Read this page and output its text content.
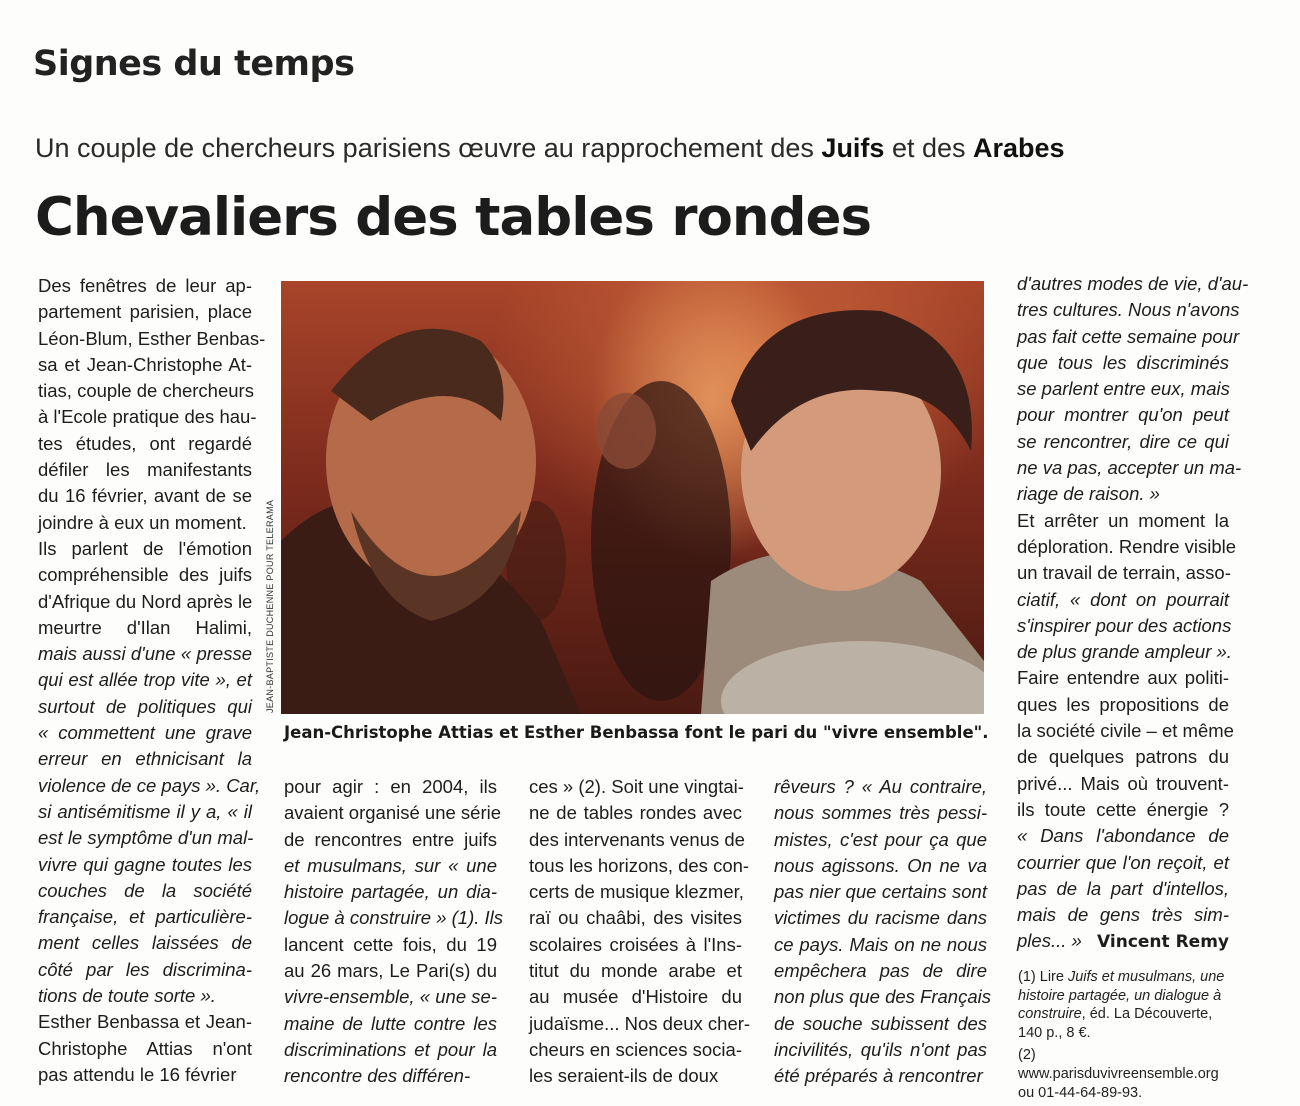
Signes du temps
Un couple de chercheurs parisiens œuvre au rapprochement des Juifs et des Arabes
Chevaliers des tables rondes
Des fenêtres de leur ap-
partement parisien, place
Léon-Blum, Esther Benbas-
sa et Jean-Christophe At-
tias, couple de chercheurs
à l'Ecole pratique des hau-
tes études, ont regardé
défiler les manifestants
du 16 février, avant de se
joindre à eux un moment.
Ils parlent de l'émotion
compréhensible des juifs
d'Afrique du Nord après le
meurtre d'Ilan Halimi,
mais aussi d'une « presse
qui est allée trop vite », et
surtout de politiques qui
« commettent une grave
erreur en ethnicisant la
violence de ce pays ». Car,
si antisémitisme il y a, « il
est le symptôme d'un mal-
vivre qui gagne toutes les
couches de la société
française, et particulière-
ment celles laissées de
côté par les discrimina-
tions de toute sorte ».
Esther Benbassa et Jean-
Christophe Attias n'ont
pas attendu le 16 février
JEAN-BAPTISTE DUCHENNE POUR TELERAMA
Jean-Christophe Attias et Esther Benbassa font le pari du "vivre ensemble".
pour agir : en 2004, ils
avaient organisé une série
de rencontres entre juifs
et musulmans, sur « une
histoire partagée, un dia-
logue à construire » (1). Ils
lancent cette fois, du 19
au 26 mars, Le Pari(s) du
vivre-ensemble, « une se-
maine de lutte contre les
discriminations et pour la
rencontre des différen-
ces » (2). Soit une vingtai-
ne de tables rondes avec
des intervenants venus de
tous les horizons, des con-
certs de musique klezmer,
raï ou chaâbi, des visites
scolaires croisées à l'Ins-
titut du monde arabe et
au musée d'Histoire du
judaïsme... Nos deux cher-
cheurs en sciences socia-
les seraient-ils de doux
rêveurs ? « Au contraire,
nous sommes très pessi-
mistes, c'est pour ça que
nous agissons. On ne va
pas nier que certains sont
victimes du racisme dans
ce pays. Mais on ne nous
empêchera pas de dire
non plus que des Français
de souche subissent des
incivilités, qu'ils n'ont pas
été préparés à rencontrer
d'autres modes de vie, d'au-
tres cultures. Nous n'avons
pas fait cette semaine pour
que tous les discriminés
se parlent entre eux, mais
pour montrer qu'on peut
se rencontrer, dire ce qui
ne va pas, accepter un ma-
riage de raison. »
Et arrêter un moment la
déploration. Rendre visible
un travail de terrain, asso-
ciatif, « dont on pourrait
s'inspirer pour des actions
de plus grande ampleur ».
Faire entendre aux politi-
ques les propositions de
la société civile – et même
de quelques patrons du
privé... Mais où trouvent-
ils toute cette énergie ?
« Dans l'abondance de
courrier que l'on reçoit, et
pas de la part d'intellos,
mais de gens très sim-
ples... » Vincent Remy

(1) Lire Juifs et musulmans, une histoire partagée, un dialogue à construire, éd. La Découverte, 140 p., 8 €.

(2) www.parisduvivreensemble.org ou 01-44-64-89-93.
